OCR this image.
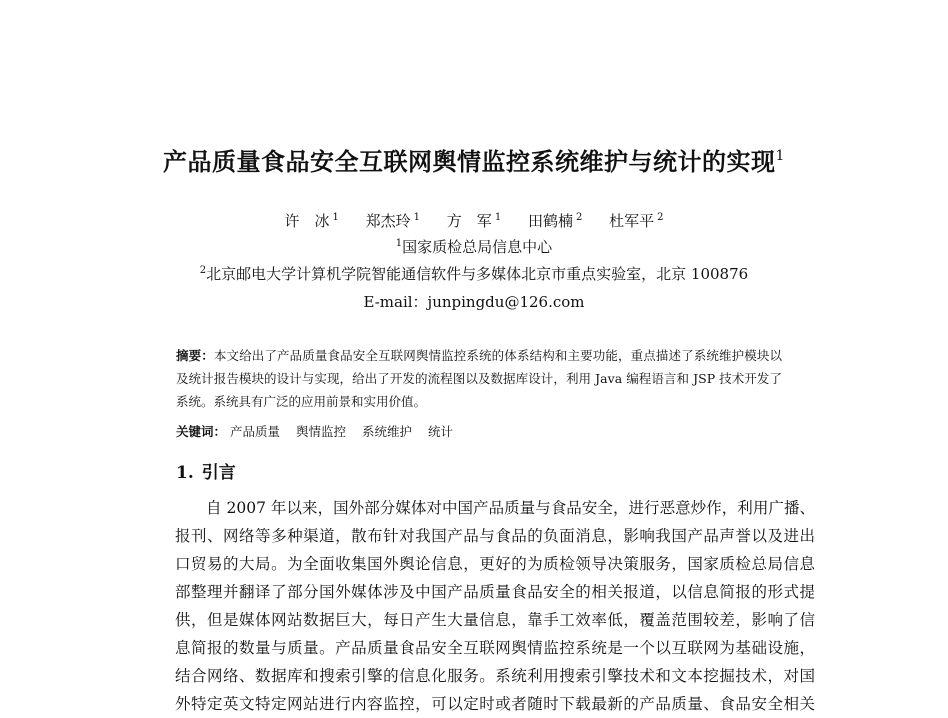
产品质量食品安全互联网舆情监控系统维护与统计的实现$^1$
许　冰 $^1$ 郑杰玲 $^1$ 方　军 $^1$ 田鹤楠 $^2$ 杜军平 $^2$
$^1$国家质检总局信息中心
$^2$北京邮电大学计算机学院智能通信软件与多媒体北京市重点实验室，北京 100876
E-mail：junpingdu@126.com
摘要：本文给出了产品质量食品安全互联网舆情监控系统的体系结构和主要功能，重点描述了系统维护模块以及统计报告模块的设计与实现，给出了开发的流程图以及数据库设计，利用 Java 编程语言和 JSP 技术开发了系统。系统具有广泛的应用前景和实用价值。
关键词： 产品质量 舆情监控 系统维护 统计
1. 引言
自 2007 年以来，国外部分媒体对中国产品质量与食品安全，进行恶意炒作，利用广播、
报刊、网络等多种渠道，散布针对我国产品与食品的负面消息，影响我国产品声誉以及进出
口贸易的大局。为全面收集国外舆论信息，更好的为质检领导决策服务，国家质检总局信息
部整理并翻译了部分国外媒体涉及中国产品质量食品安全的相关报道，以信息简报的形式提
供，但是媒体网站数据巨大，每日产生大量信息，靠手工效率低，覆盖范围较差，影响了信
息简报的数量与质量。产品质量食品安全互联网舆情监控系统是一个以互联网为基础设施，
结合网络、数据库和搜索引擎的信息化服务。系统利用搜索引擎技术和文本挖掘技术，对国
外特定英文特定网站进行内容监控，可以定时或者随时下载最新的产品质量、食品安全相关
